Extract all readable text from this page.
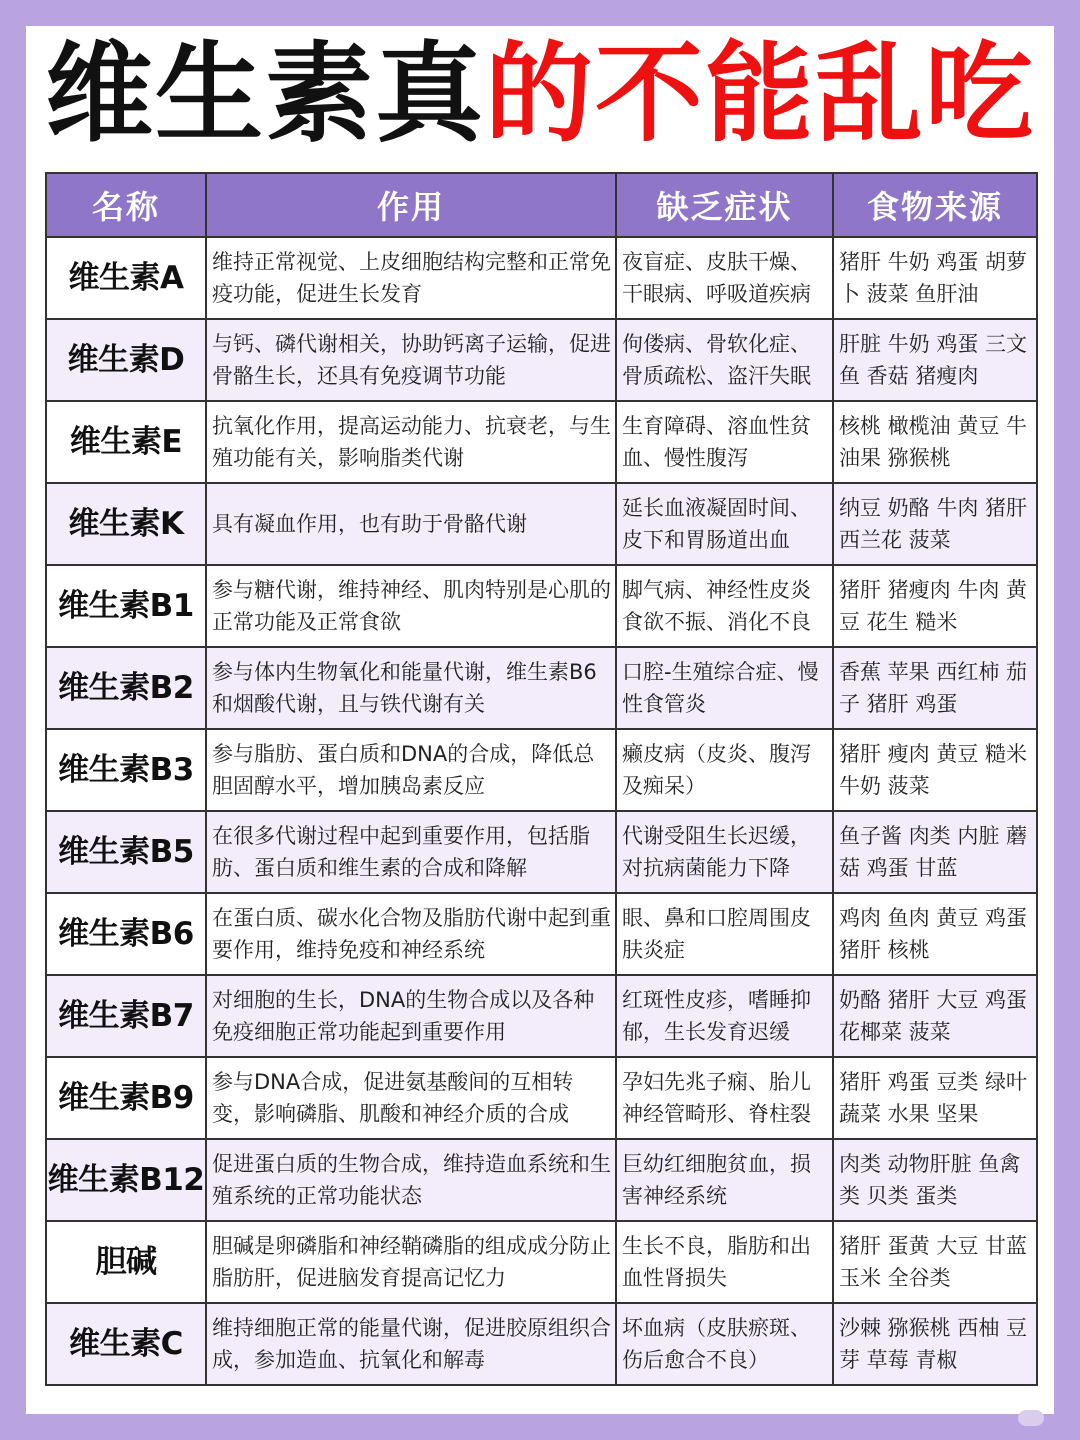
维生素真的不能乱吃
名称	作用	缺乏症状	食物来源
维生素A	维持正常视觉、上皮细胞结构完整和正常免疫功能，促进生长发育	夜盲症、皮肤干燥、干眼病、呼吸道疾病	猪肝 牛奶 鸡蛋 胡萝卜 菠菜 鱼肝油
维生素D	与钙、磷代谢相关，协助钙离子运输，促进骨骼生长，还具有免疫调节功能	佝偻病、骨软化症、骨质疏松、盗汗失眠	肝脏 牛奶 鸡蛋 三文鱼 香菇 猪瘦肉
维生素E	抗氧化作用，提高运动能力、抗衰老，与生殖功能有关，影响脂类代谢	生育障碍、溶血性贫血、慢性腹泻	核桃 橄榄油 黄豆 牛油果 猕猴桃
维生素K	具有凝血作用，也有助于骨骼代谢	延长血液凝固时间、皮下和胃肠道出血	纳豆 奶酪 牛肉 猪肝 西兰花 菠菜
维生素B1	参与糖代谢，维持神经、肌肉特别是心肌的正常功能及正常食欲	脚气病、神经性皮炎食欲不振、消化不良	猪肝 猪瘦肉 牛肉 黄豆 花生 糙米
维生素B2	参与体内生物氧化和能量代谢，维生素B6和烟酸代谢，且与铁代谢有关	口腔-生殖综合症、慢性食管炎	香蕉 苹果 西红柿 茄子 猪肝 鸡蛋
维生素B3	参与脂肪、蛋白质和DNA的合成，降低总胆固醇水平，增加胰岛素反应	癞皮病（皮炎、腹泻及痴呆）	猪肝 瘦肉 黄豆 糙米 牛奶 菠菜
维生素B5	在很多代谢过程中起到重要作用，包括脂肪、蛋白质和维生素的合成和降解	代谢受阻生长迟缓，对抗病菌能力下降	鱼子酱 肉类 内脏 蘑菇 鸡蛋 甘蓝
维生素B6	在蛋白质、碳水化合物及脂肪代谢中起到重要作用，维持免疫和神经系统	眼、鼻和口腔周围皮肤炎症	鸡肉 鱼肉 黄豆 鸡蛋 猪肝 核桃
维生素B7	对细胞的生长，DNA的生物合成以及各种免疫细胞正常功能起到重要作用	红斑性皮疹，嗜睡抑郁，生长发育迟缓	奶酪 猪肝 大豆 鸡蛋 花椰菜 菠菜
维生素B9	参与DNA合成，促进氨基酸间的互相转变，影响磷脂、肌酸和神经介质的合成	孕妇先兆子痫、胎儿神经管畸形、脊柱裂	猪肝 鸡蛋 豆类 绿叶蔬菜 水果 坚果
维生素B12	促进蛋白质的生物合成，维持造血系统和生殖系统的正常功能状态	巨幼红细胞贫血，损害神经系统	肉类 动物肝脏 鱼禽类 贝类 蛋类
胆碱	胆碱是卵磷脂和神经鞘磷脂的组成成分防止脂肪肝，促进脑发育提高记忆力	生长不良，脂肪和出血性肾损失	猪肝 蛋黄 大豆 甘蓝 玉米 全谷类
维生素C	维持细胞正常的能量代谢，促进胶原组织合成，参加造血、抗氧化和解毒	坏血病（皮肤瘀斑、伤后愈合不良）	沙棘 猕猴桃 西柚 豆芽 草莓 青椒
